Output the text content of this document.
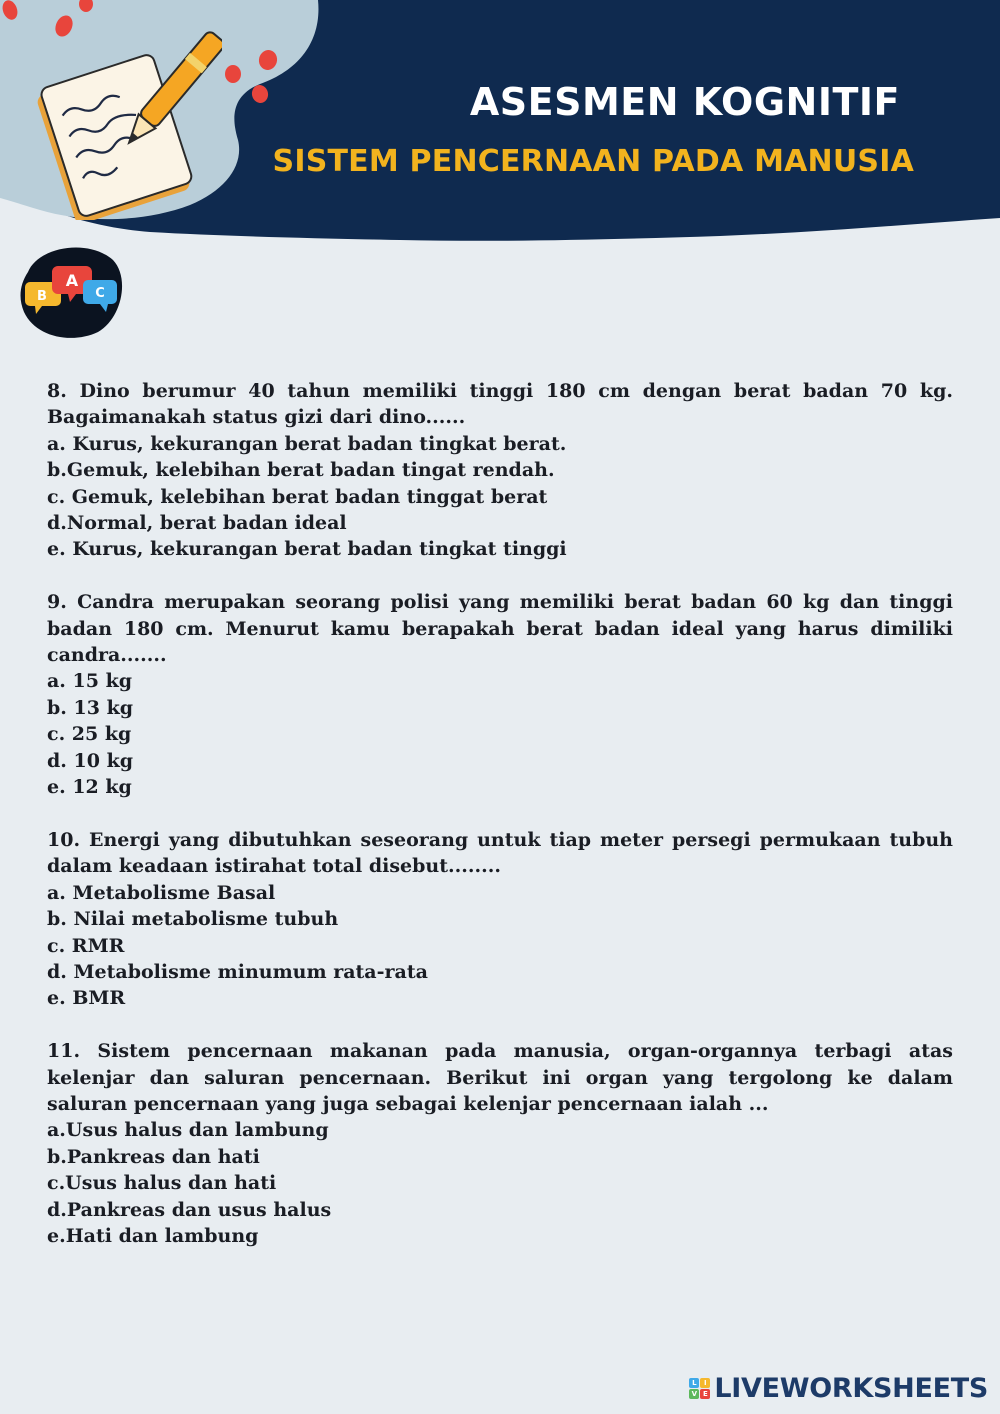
ASESMEN KOGNITIF
SISTEM PENCERNAAN PADA MANUSIA
B
A
C

8. Dino berumur 40 tahun memiliki tinggi 180 cm dengan berat badan 70 kg. Bagaimanakah status gizi dari dino......

a. Kurus, kekurangan berat badan tingkat berat.
b.Gemuk, kelebihan berat badan tingat rendah.
c. Gemuk, kelebihan berat badan tinggat berat
d.Normal, berat badan ideal
e. Kurus, kekurangan berat badan tingkat tinggi

9. Candra merupakan seorang polisi yang memiliki berat badan 60 kg dan tinggi badan 180 cm. Menurut kamu berapakah berat badan ideal yang harus dimiliki candra.......

a. 15 kg
b. 13 kg
c. 25 kg
d. 10 kg
e. 12 kg

10. Energi yang dibutuhkan seseorang untuk tiap meter persegi permukaan tubuh dalam keadaan istirahat total disebut........

a. Metabolisme Basal
b. Nilai metabolisme tubuh
c. RMR
d. Metabolisme minumum rata-rata
e. BMR

11. Sistem pencernaan makanan pada manusia, organ-organnya terbagi atas kelenjar dan saluran pencernaan. Berikut ini organ yang tergolong ke dalam saluran pencernaan yang juga sebagai kelenjar pencernaan ialah ...

a.Usus halus dan lambung
b.Pankreas dan hati
c.Usus halus dan hati
d.Pankreas dan usus halus
e.Hati dan lambung
L	I
V E LIVEWORKSHEETS
